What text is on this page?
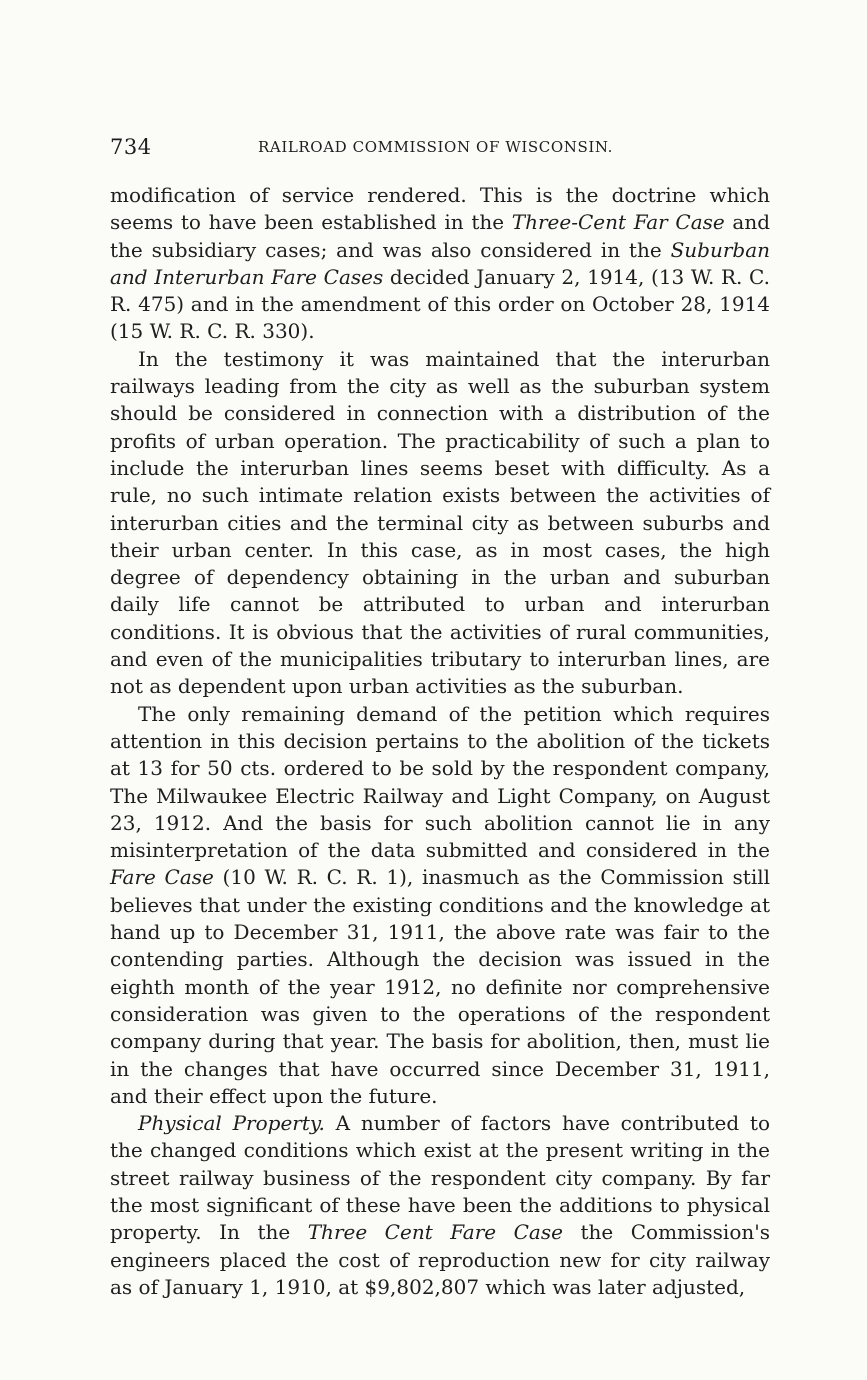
734	RAILROAD COMMISSION OF WISCONSIN.

modification of service rendered. This is the doctrine which seems to have been established in the Three-Cent Far Case and the subsidiary cases; and was also considered in the Suburban and Interurban Fare Cases decided January 2, 1914, (13 W. R. C. R. 475) and in the amendment of this order on October 28, 1914 (15 W. R. C. R. 330).

In the testimony it was maintained that the interurban railways leading from the city as well as the suburban system should be considered in connection with a distribution of the profits of urban operation. The practicability of such a plan to include the interurban lines seems beset with difficulty. As a rule, no such intimate relation exists between the activities of interurban cities and the terminal city as between suburbs and their urban center. In this case, as in most cases, the high degree of dependency obtaining in the urban and suburban daily life cannot be attributed to urban and interurban conditions. It is obvious that the activities of rural communities, and even of the municipalities tributary to interurban lines, are not as dependent upon urban activities as the suburban.

The only remaining demand of the petition which requires attention in this decision pertains to the abolition of the tickets at 13 for 50 cts. ordered to be sold by the respondent company, The Milwaukee Electric Railway and Light Company, on August 23, 1912. And the basis for such abolition cannot lie in any misinterpretation of the data submitted and considered in the Fare Case (10 W. R. C. R. 1), inasmuch as the Commission still believes that under the existing conditions and the knowledge at hand up to December 31, 1911, the above rate was fair to the contending parties. Although the decision was issued in the eighth month of the year 1912, no definite nor comprehensive consideration was given to the operations of the respondent company during that year. The basis for abolition, then, must lie in the changes that have occurred since December 31, 1911, and their effect upon the future.

Physical Property. A number of factors have contributed to the changed conditions which exist at the present writing in the street railway business of the respondent city company. By far the most significant of these have been the additions to physical property. In the Three Cent Fare Case the Commission's engineers placed the cost of reproduction new for city railway as of January 1, 1910, at $9,802,807 which was later adjusted,
